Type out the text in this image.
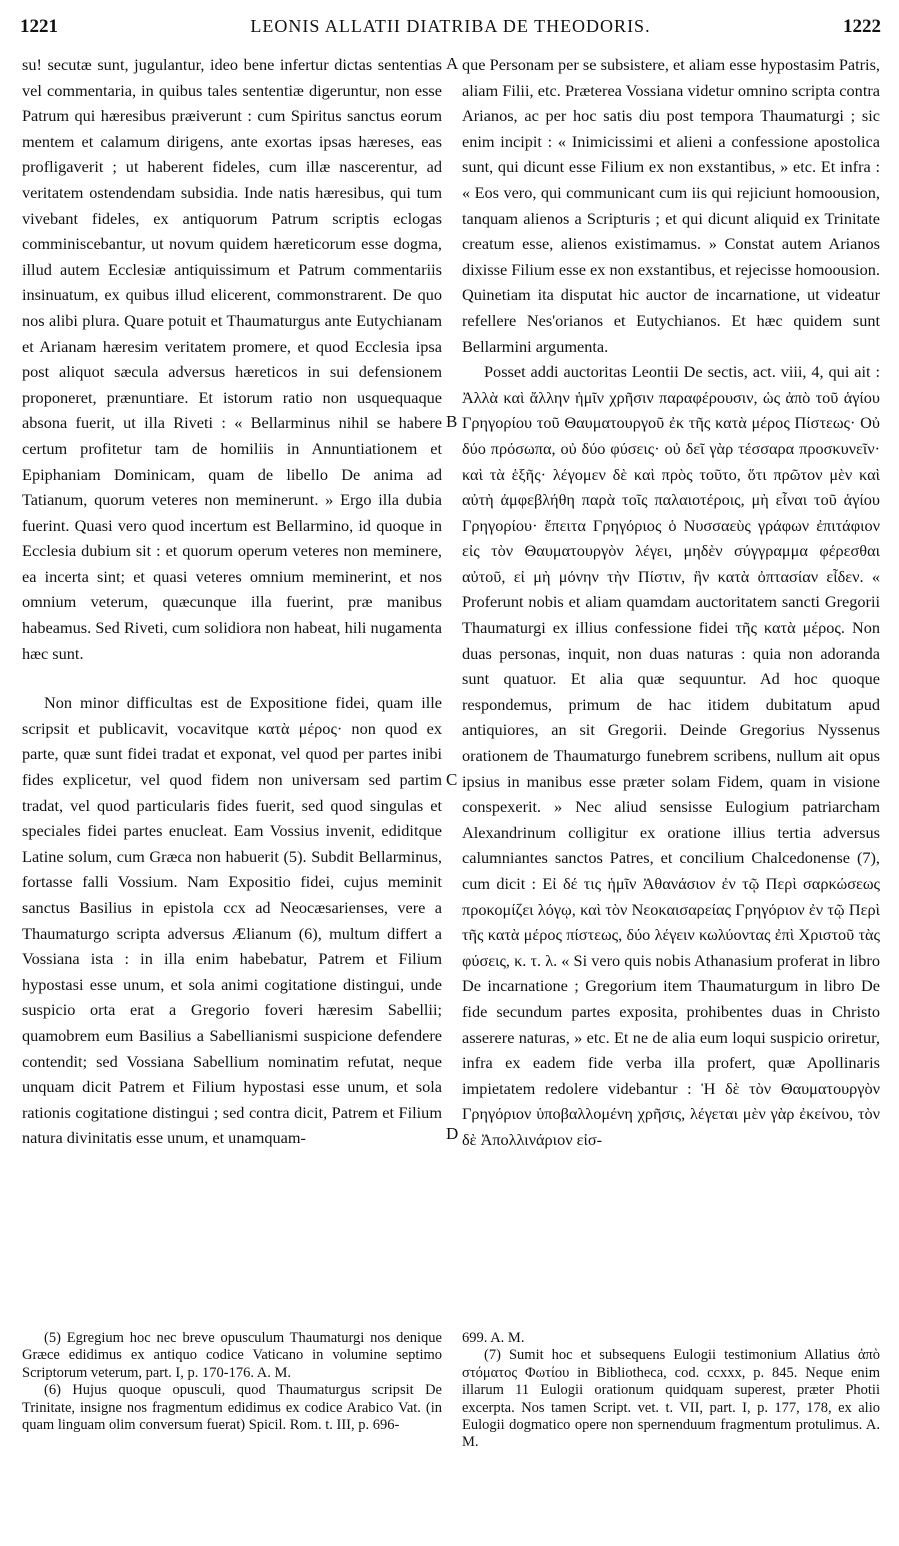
1221	LEONIS ALLATII DIATRIBA DE THEODORIS.	1222
A
B
C
D

su! secutæ sunt, jugulantur, ideo bene infertur dictas sententias vel commentaria, in quibus tales sententiæ digeruntur, non esse Patrum qui hæresibus præiverunt : cum Spiritus sanctus eorum mentem et calamum dirigens, ante exortas ipsas hæreses, eas profligaverit ; ut haberent fideles, cum illæ nascerentur, ad veritatem ostendendam subsidia. Inde natis hæresibus, qui tum vivebant fideles, ex antiquorum Patrum scriptis eclogas comminiscebantur, ut novum quidem hæreticorum esse dogma, illud autem Ecclesiæ antiquissimum et Patrum commentariis insinuatum, ex quibus illud elicerent, commonstrarent. De quo nos alibi plura. Quare potuit et Thaumaturgus ante Eutychianam et Arianam hæresim veritatem promere, et quod Ecclesia ipsa post aliquot sæcula adversus hæreticos in sui defensionem proponeret, prænuntiare. Et istorum ratio non usquequaque absona fuerit, ut illa Riveti : « Bellarminus nihil se habere certum profitetur tam de homiliis in Annuntiationem et Epiphaniam Dominicam, quam de libello De anima ad Tatianum, quorum veteres non meminerunt. » Ergo illa dubia fuerint. Quasi vero quod incertum est Bellarmino, id quoque in Ecclesia dubium sit : et quorum operum veteres non meminere, ea incerta sint; et quasi veteres omnium meminerint, et nos omnium veterum, quæcunque illa fuerint, præ manibus habeamus. Sed Riveti, cum solidiora non habeat, hili nugamenta hæc sunt.

Non minor difficultas est de Expositione fidei, quam ille scripsit et publicavit, vocavitque κατὰ μέρος· non quod ex parte, quæ sunt fidei tradat et exponat, vel quod per partes inibi fides explicetur, vel quod fidem non universam sed partim tradat, vel quod particularis fides fuerit, sed quod singulas et speciales fidei partes enucleat. Eam Vossius invenit, ediditque Latine solum, cum Græca non habuerit (5). Subdit Bellarminus, fortasse falli Vossium. Nam Expositio fidei, cujus meminit sanctus Basilius in epistola ccx ad Neocæsarienses, vere a Thaumaturgo scripta adversus Ælianum (6), multum differt a Vossiana ista : in illa enim habebatur, Patrem et Filium hypostasi esse unum, et sola animi cogitatione distingui, unde suspicio orta erat a Gregorio foveri hæresim Sabellii; quamobrem eum Basilius a Sabellianismi suspicione defendere contendit; sed Vossiana Sabellium nominatim refutat, neque unquam dicit Patrem et Filium hypostasi esse unum, et sola rationis cogitatione distingui ; sed contra dicit, Patrem et Filium natura divinitatis esse unum, et unamquam-

que Personam per se subsistere, et aliam esse hypostasim Patris, aliam Filii, etc. Præterea Vossiana videtur omnino scripta contra Arianos, ac per hoc satis diu post tempora Thaumaturgi ; sic enim incipit : « Inimicissimi et alieni a confessione apostolica sunt, qui dicunt esse Filium ex non exstantibus, » etc. Et infra : « Eos vero, qui communicant cum iis qui rejiciunt homoousion, tanquam alienos a Scripturis ; et qui dicunt aliquid ex Trinitate creatum esse, alienos existimamus. » Constat autem Arianos dixisse Filium esse ex non exstantibus, et rejecisse homoousion. Quinetiam ita disputat hic auctor de incarnatione, ut videatur refellere Nes'orianos et Eutychianos. Et hæc quidem sunt Bellarmini argumenta.

Posset addi auctoritas Leontii De sectis, act. viii, 4, qui ait : Ἀλλὰ καὶ ἄλλην ἡμῖν χρῆσιν παραφέρουσιν, ὡς ἀπὸ τοῦ ἁγίου Γρηγορίου τοῦ Θαυματουργοῦ ἐκ τῆς κατὰ μέρος Πίστεως· Οὐ δύο πρόσωπα, οὐ δύο φύσεις· οὐ δεῖ γὰρ τέσσαρα προσκυνεῖν· καὶ τὰ ἑξῆς· λέγομεν δὲ καὶ πρὸς τοῦτο, ὅτι πρῶτον μὲν καὶ αὐτὴ ἀμφεβλήθη παρὰ τοῖς παλαιοτέροις, μὴ εἶναι τοῦ ἁγίου Γρηγορίου· ἔπειτα Γρηγόριος ὁ Νυσσαεὺς γράφων ἐπιτάφιον εἰς τὸν Θαυματουργὸν λέγει, μηδὲν σύγγραμμα φέρεσθαι αὐτοῦ, εἰ μὴ μόνην τὴν Πίστιν, ἣν κατὰ ὀπτασίαν εἶδεν. « Proferunt nobis et aliam quamdam auctoritatem sancti Gregorii Thaumaturgi ex illius confessione fidei τῆς κατὰ μέρος. Non duas personas, inquit, non duas naturas : quia non adoranda sunt quatuor. Et alia quæ sequuntur. Ad hoc quoque respondemus, primum de hac itidem dubitatum apud antiquiores, an sit Gregorii. Deinde Gregorius Nyssenus orationem de Thaumaturgo funebrem scribens, nullum ait opus ipsius in manibus esse præter solam Fidem, quam in visione conspexerit. » Nec aliud sensisse Eulogium patriarcham Alexandrinum colligitur ex oratione illius tertia adversus calumniantes sanctos Patres, et concilium Chalcedonense (7), cum dicit : Εἰ δέ τις ἡμῖν Ἀθανάσιον ἐν τῷ Περὶ σαρκώσεως προκομίζει λόγῳ, καὶ τὸν Νεοκαισαρείας Γρηγόριον ἐν τῷ Περὶ τῆς κατὰ μέρος πίστεως, δύο λέγειν κωλύοντας ἐπὶ Χριστοῦ τὰς φύσεις, κ. τ. λ. « Si vero quis nobis Athanasium proferat in libro De incarnatione ; Gregorium item Thaumaturgum in libro De fide secundum partes exposita, prohibentes duas in Christo asserere naturas, » etc. Et ne de alia eum loqui suspicio oriretur, infra ex eadem fide verba illa profert, quæ Apollinaris impietatem redolere videbantur : Ἡ δὲ τὸν Θαυματουργὸν Γρηγόριον ὑποβαλλομένη χρῆσις, λέγεται μὲν γὰρ ἐκείνου, τὸν δὲ Ἀπολλινάριον εἰσ-

(5) Egregium hoc nec breve opusculum Thaumaturgi nos denique Græce edidimus ex antiquo codice Vaticano in volumine septimo Scriptorum veterum, part. I, p. 170-176. A. M.

(6) Hujus quoque opusculi, quod Thaumaturgus scripsit De Trinitate, insigne nos fragmentum edidimus ex codice Arabico Vat. (in quam linguam olim conversum fuerat) Spicil. Rom. t. III, p. 696-

699. A. M.

(7) Sumit hoc et subsequens Eulogii testimonium Allatius ἀπὸ στόματος Φωτίου in Bibliotheca, cod. ccxxx, p. 845. Neque enim illarum 11 Eulogii orationum quidquam superest, præter Photii excerpta. Nos tamen Script. vet. t. VII, part. I, p. 177, 178, ex alio Eulogii dogmatico opere non spernenduum fragmentum protulimus. A. M.
